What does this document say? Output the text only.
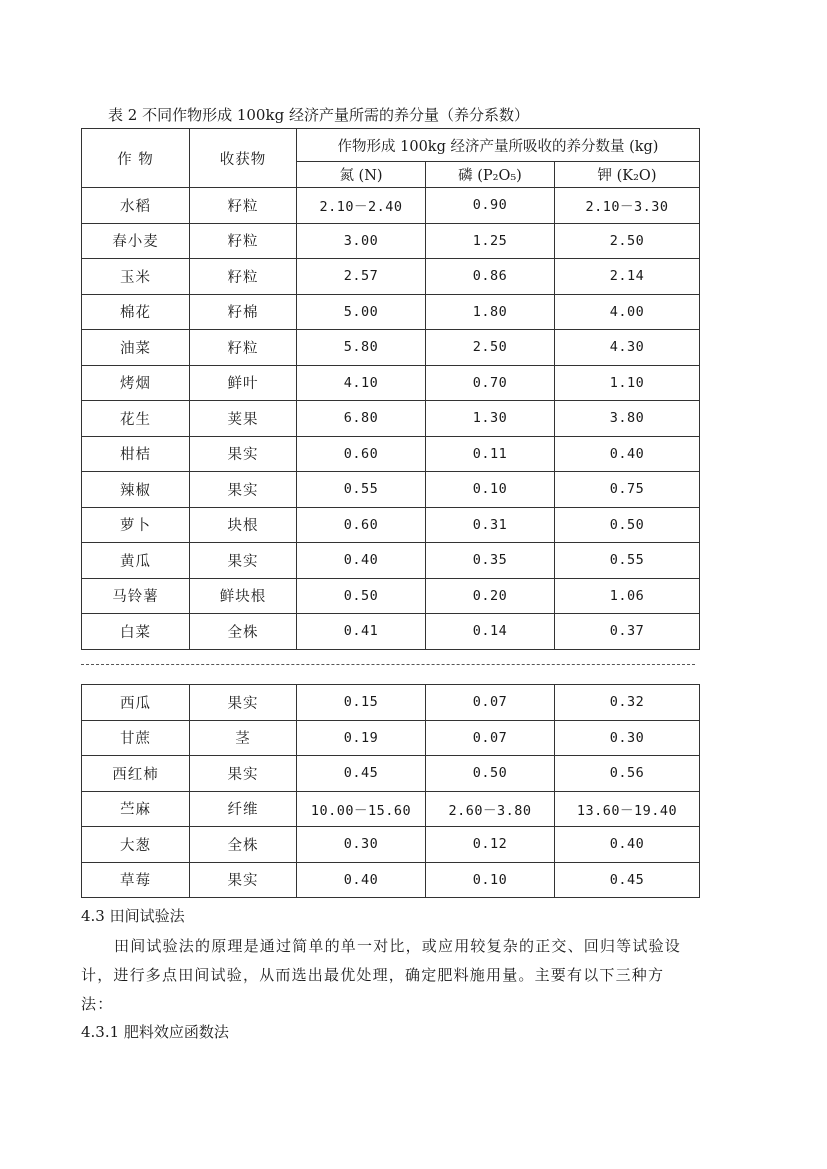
表 2 不同作物形成 100kg 经济产量所需的养分量（养分系数）
作 物	收获物	作物形成 100kg 经济产量所吸收的养分数量 (kg)		
		氮 (N)	磷 (P₂O₅)	钾 (K₂O)
水稻	籽粒	2.10－2.40	0.90	2.10－3.30
春小麦	籽粒	3.00	1.25	2.50
玉米	籽粒	2.57	0.86	2.14
棉花	籽棉	5.00	1.80	4.00
油菜	籽粒	5.80	2.50	4.30
烤烟	鲜叶	4.10	0.70	1.10
花生	荚果	6.80	1.30	3.80
柑桔	果实	0.60	0.11	0.40
辣椒	果实	0.55	0.10	0.75
萝卜	块根	0.60	0.31	0.50
黄瓜	果实	0.40	0.35	0.55
马铃薯	鲜块根	0.50	0.20	1.06
白菜	全株	0.41	0.14	0.37
西瓜	果实	0.15	0.07	0.32
甘蔗	茎	0.19	0.07	0.30
西红柿	果实	0.45	0.50	0.56
苎麻	纤维	10.00－15.60	2.60－3.80	13.60－19.40
大葱	全株	0.30	0.12	0.40
草莓	果实	0.40	0.10	0.45
4.3 田间试验法
田间试验法的原理是通过简单的单一对比，或应用较复杂的正交、回归等试验设计，进行多点田间试验，从而选出最优处理，确定肥料施用量。主要有以下三种方法：
4.3.1 肥料效应函数法
